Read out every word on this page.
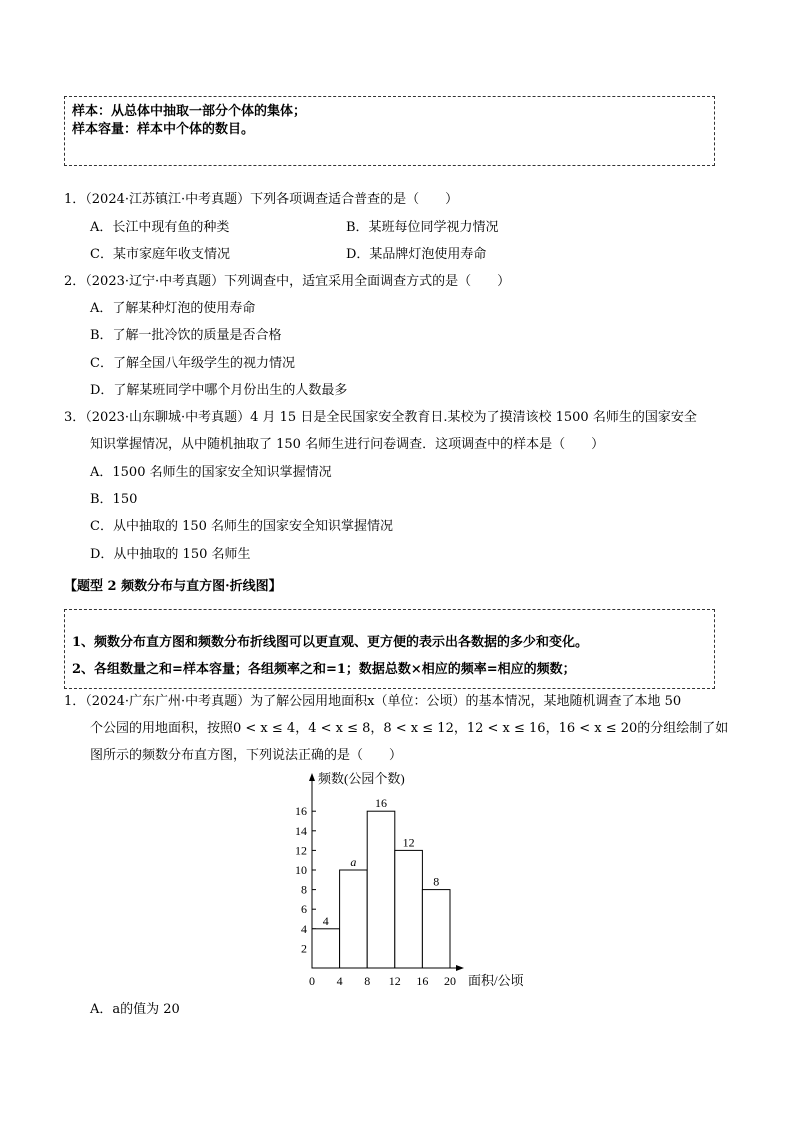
样本：从总体中抽取一部分个体的集体；
样本容量：样本中个体的数目。
1．（2024·江苏镇江·中考真题）下列各项调查适合普查的是（　　）
A．长江中现有鱼的种类	B．某班每位同学视力情况
C．某市家庭年收支情况	D．某品牌灯泡使用寿命
2．（2023·辽宁·中考真题）下列调查中，适宜采用全面调查方式的是（　　）
A．了解某种灯泡的使用寿命
B．了解一批冷饮的质量是否合格
C．了解全国八年级学生的视力情况
D．了解某班同学中哪个月份出生的人数最多
3．（2023·山东聊城·中考真题）4 月 15 日是全民国家安全教育日.某校为了摸清该校 1500 名师生的国家安全
知识掌握情况，从中随机抽取了 150 名师生进行问卷调查．这项调查中的样本是（　　）
A．1500 名师生的国家安全知识掌握情况
B．150
C．从中抽取的 150 名师生的国家安全知识掌握情况
D．从中抽取的 150 名师生
【题型 2 频数分布与直方图·折线图】
1、频数分布直方图和频数分布折线图可以更直观、更方便的表示出各数据的多少和变化。
2、各组数量之和=样本容量；各组频率之和=1；数据总数×相应的频率=相应的频数；
1．（2024·广东广州·中考真题）为了解公园用地面积x（单位：公顷）的基本情况，某地随机调查了本地 50
个公园的用地面积，按照0 < x ≤ 4，4 < x ≤ 8，8 < x ≤ 12，12 < x ≤ 16，16 < x ≤ 20的分组绘制了如
图所示的频数分布直方图，下列说法正确的是（　　）
2
4
6
8
10
12
14
16
0 4 8 12 16 20
4
a
16
12
8
频数(公园个数)
面积/公顷
A．a的值为 20
